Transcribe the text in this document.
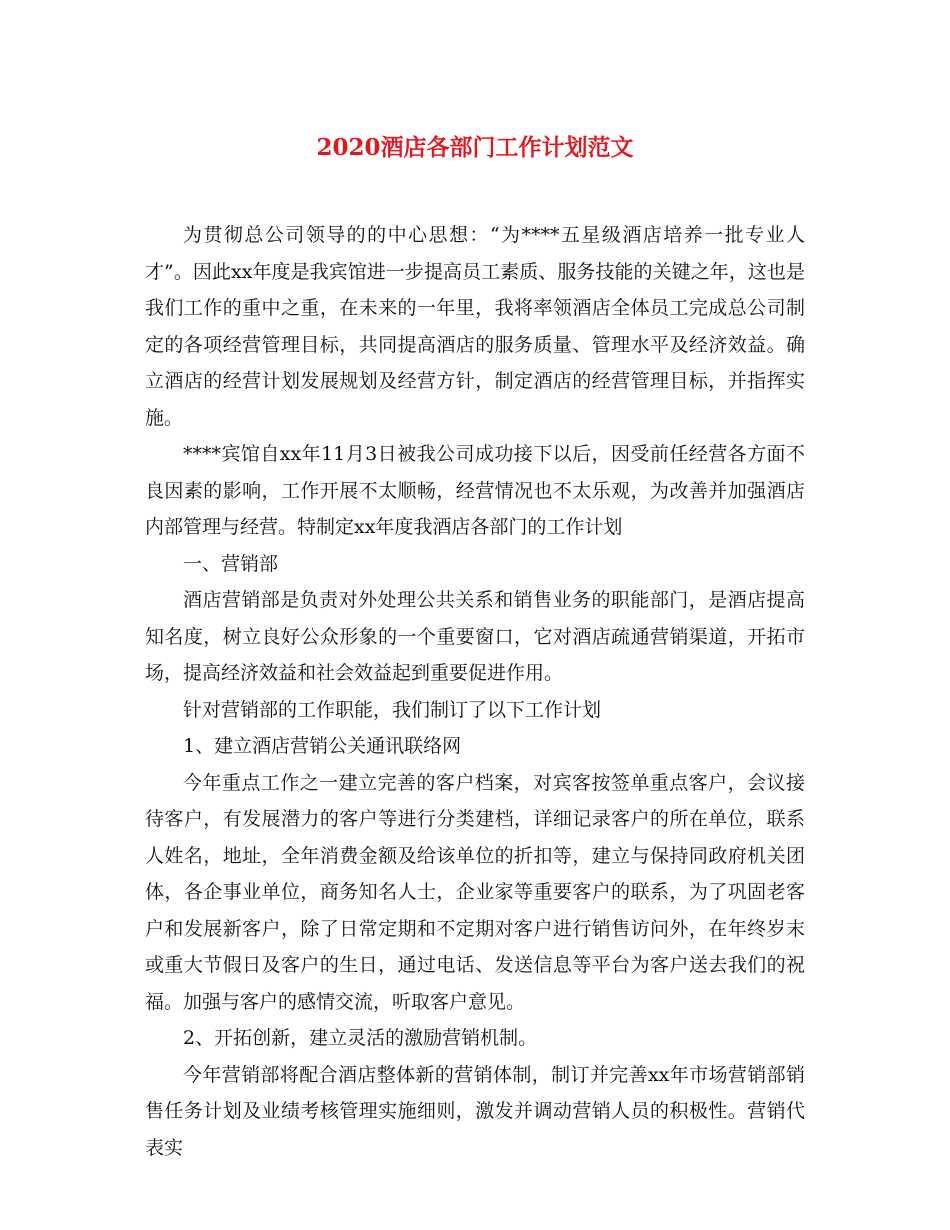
2020酒店各部门工作计划范文

为贯彻总公司领导的的中心思想：“为****五星级酒店培养一批专业人才”。因此xx年度是我宾馆进一步提高员工素质、服务技能的关键之年，这也是我们工作的重中之重，在未来的一年里，我将率领酒店全体员工完成总公司制定的各项经营管理目标，共同提高酒店的服务质量、管理水平及经济效益。确立酒店的经营计划发展规划及经营方针，制定酒店的经营管理目标，并指挥实施。

****宾馆自xx年11月3日被我公司成功接下以后，因受前任经营各方面不良因素的影响，工作开展不太顺畅，经营情况也不太乐观，为改善并加强酒店内部管理与经营。特制定xx年度我酒店各部门的工作计划

一、营销部

酒店营销部是负责对外处理公共关系和销售业务的职能部门，是酒店提高知名度，树立良好公众形象的一个重要窗口，它对酒店疏通营销渠道，开拓市场，提高经济效益和社会效益起到重要促进作用。

针对营销部的工作职能，我们制订了以下工作计划

1、建立酒店营销公关通讯联络网

今年重点工作之一建立完善的客户档案，对宾客按签单重点客户，会议接待客户，有发展潜力的客户等进行分类建档，详细记录客户的所在单位，联系人姓名，地址，全年消费金额及给该单位的折扣等，建立与保持同政府机关团体，各企事业单位，商务知名人士，企业家等重要客户的联系，为了巩固老客户和发展新客户，除了日常定期和不定期对客户进行销售访问外，在年终岁末或重大节假日及客户的生日，通过电话、发送信息等平台为客户送去我们的祝福。加强与客户的感情交流，听取客户意见。

2、开拓创新，建立灵活的激励营销机制。

今年营销部将配合酒店整体新的营销体制，制订并完善xx年市场营销部销售任务计划及业绩考核管理实施细则，激发并调动营销人员的积极性。营销代表实
